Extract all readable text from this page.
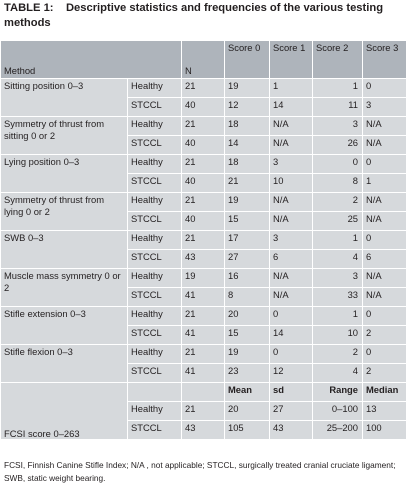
TABLE 1: Descriptive statistics and frequencies of the various testing methods
Method		N	Score 0	Score 1	Score 2	Score 3
Sitting position 0–3	Healthy	21	19	1	1	0
	STCCL	40	12	14	11	3
Symmetry of thrust from sitting 0 or 2	Healthy	21	18	N/A	3	N/A
	STCCL	40	14	N/A	26	N/A
Lying position 0–3	Healthy	21	18	3	0	0
	STCCL	40	21	10	8	1
Symmetry of thrust from lying 0 or 2	Healthy	21	19	N/A	2	N/A
	STCCL	40	15	N/A	25	N/A
SWB 0–3	Healthy	21	17	3	1	0
	STCCL	43	27	6	4	6
Muscle mass symmetry 0 or 2	Healthy	19	16	N/A	3	N/A
	STCCL	41	8	N/A	33	N/A
Stifle extension 0–3	Healthy	21	20	0	1	0
	STCCL	41	15	14	10	2
Stifle flexion 0–3	Healthy	21	19	0	2	0
	STCCL	41	23	12	4	2
FCSI score 0–263			Mean	sd	Range	Median
	Healthy	21	20	27	0–100	13
	STCCL	43	105	43	25–200	100
FCSI, Finnish Canine Stifle Index; N/A , not applicable; STCCL, surgically treated cranial cruciate ligament; SWB, static weight bearing.
